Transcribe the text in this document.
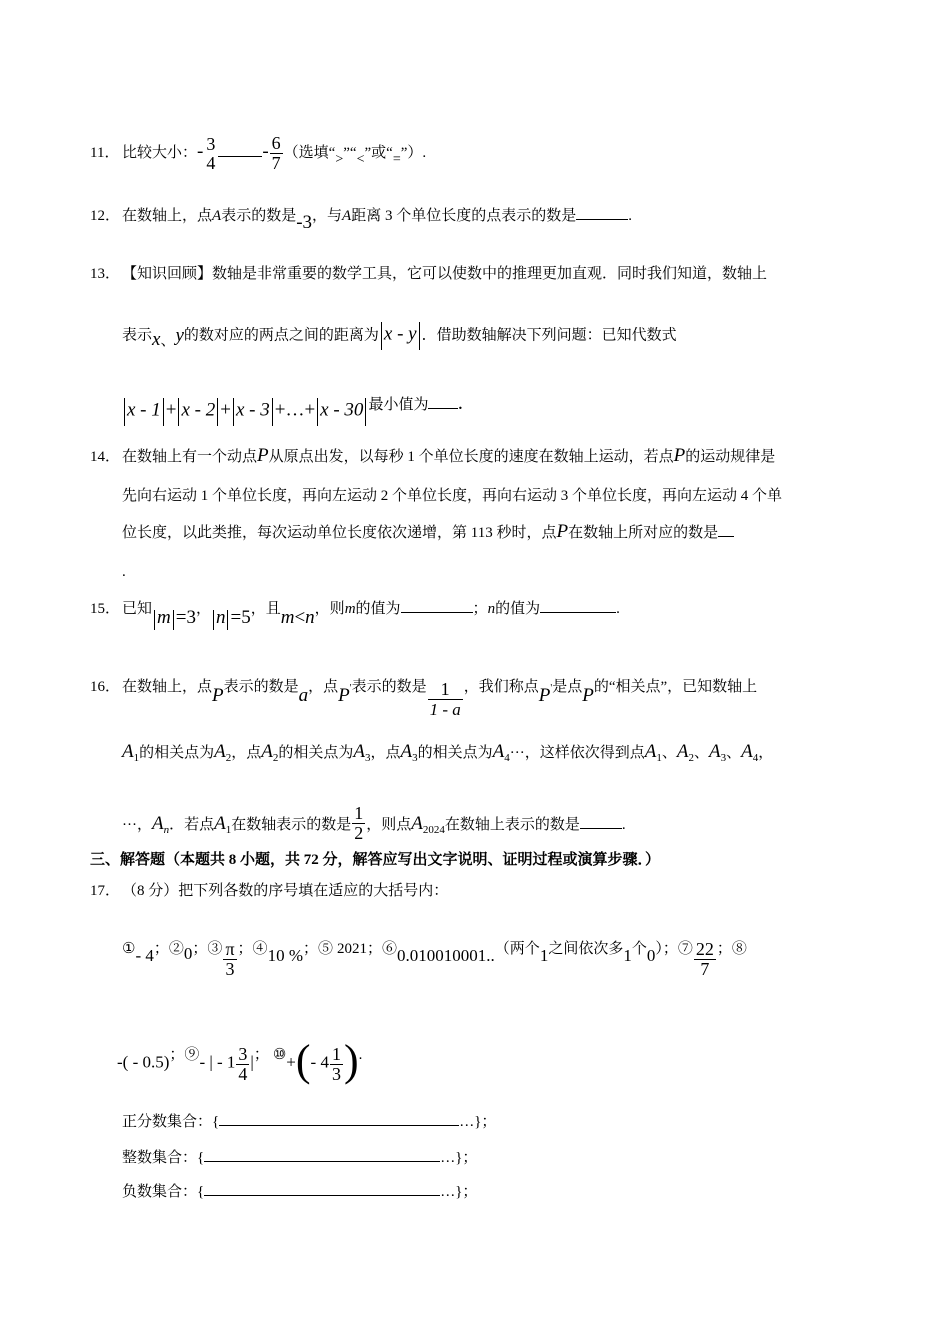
11． 比较大小：- 3
4
- $\frac{6}{7}$ （选填“>”“<”或“=”）.
12． 在数轴上，点A表示的数是-3，与A距离 3 个单位长度的点表示的数是	.
13． 【知识回顾】数轴是非常重要的数学工具，它可以使数中的推理更加直观．同时我们知道，数轴上
表示x、y的数对应的两点之间的距离为 x - y ．借助数轴解决下列问题：已知代数式
x - 1 + x - 2 + x - 3 +…+ x - 30 最小值为 .
14． 在数轴上有一个动点P从原点出发，以每秒 1 个单位长度的速度在数轴上运动，若点P的运动规律是
先向右运动 1 个单位长度，再向左运动 2 个单位长度，再向右运动 3 个单位长度，再向左运动 4 个单
位长度，以此类推，每次运动单位长度依次递增，第 113 秒时，点P在数轴上所对应的数是
.
15． 已知 m =3， n =5，且m<n，则m的值为	；n的值为	.
16． 在数轴上，点P表示的数是a，点P'表示的数是 $\frac{1}{1 - a}$ ，我们称点P'是点P的“相关点”，已知数轴上
$A_1$的相关点为$A_2$，点$A_2$的相关点为$A_3$，点$A_3$的相关点为$A_4\cdot\cdot\cdot$，这样依次得到点$A_1$、$A_2$、$A_3$、$A_4$，
···，$A_n$．若点$A_1$在数轴表示的数是 $\frac{1}{2}$ ，则点$A_{2024}$在数轴上表示的数是	.
三、解答题（本题共 8 小题，共 72 分，解答应写出文字说明、证明过程或演算步骤．）
17． （8 分）把下列各数的序号填在适应的大括号内：
①- 4；②0；③ $\frac{\pi}{3}$ ；④10 %；⑤ 2021；⑥0.010010001..（两个1之间依次多1个0）；⑦ $\frac{22}{7}$ ；⑧
-( - 0.5)；⑨- | - $1 \frac{3}{4}$ |； ⑩+(- $4 \frac{1}{3}$ ).
正分数集合：{	…}；
整数集合：{	…}；
负数集合：{	…}；
